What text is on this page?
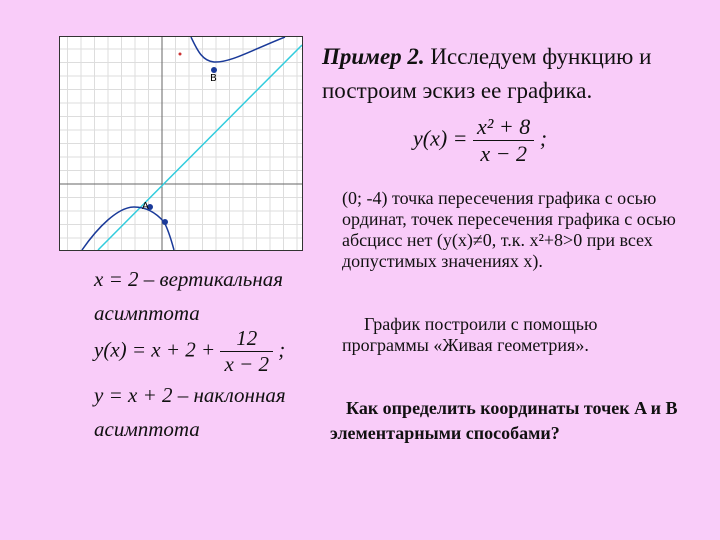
B
A
Пример 2. Исследуем функцию и построим эскиз ее графика.
$y(x) = \frac{\text{x² + 8}}{x - 2}$ ;
(0; -4) точка пересечения графика с осью ординат, точек пересечения графика с осью абсцисс нет (y(x)≠0, т.к. x²+8>0 при всех допустимых значениях x).
График построили с помощью программы «Живая геометрия».
Как определить координаты точек A и B элементарными способами?
x = 2 – вертикальная
асимптота
$y(x) = x + 2 + \frac{12}{x - 2}$ ;
y = x + 2 – наклонная
асимптота
